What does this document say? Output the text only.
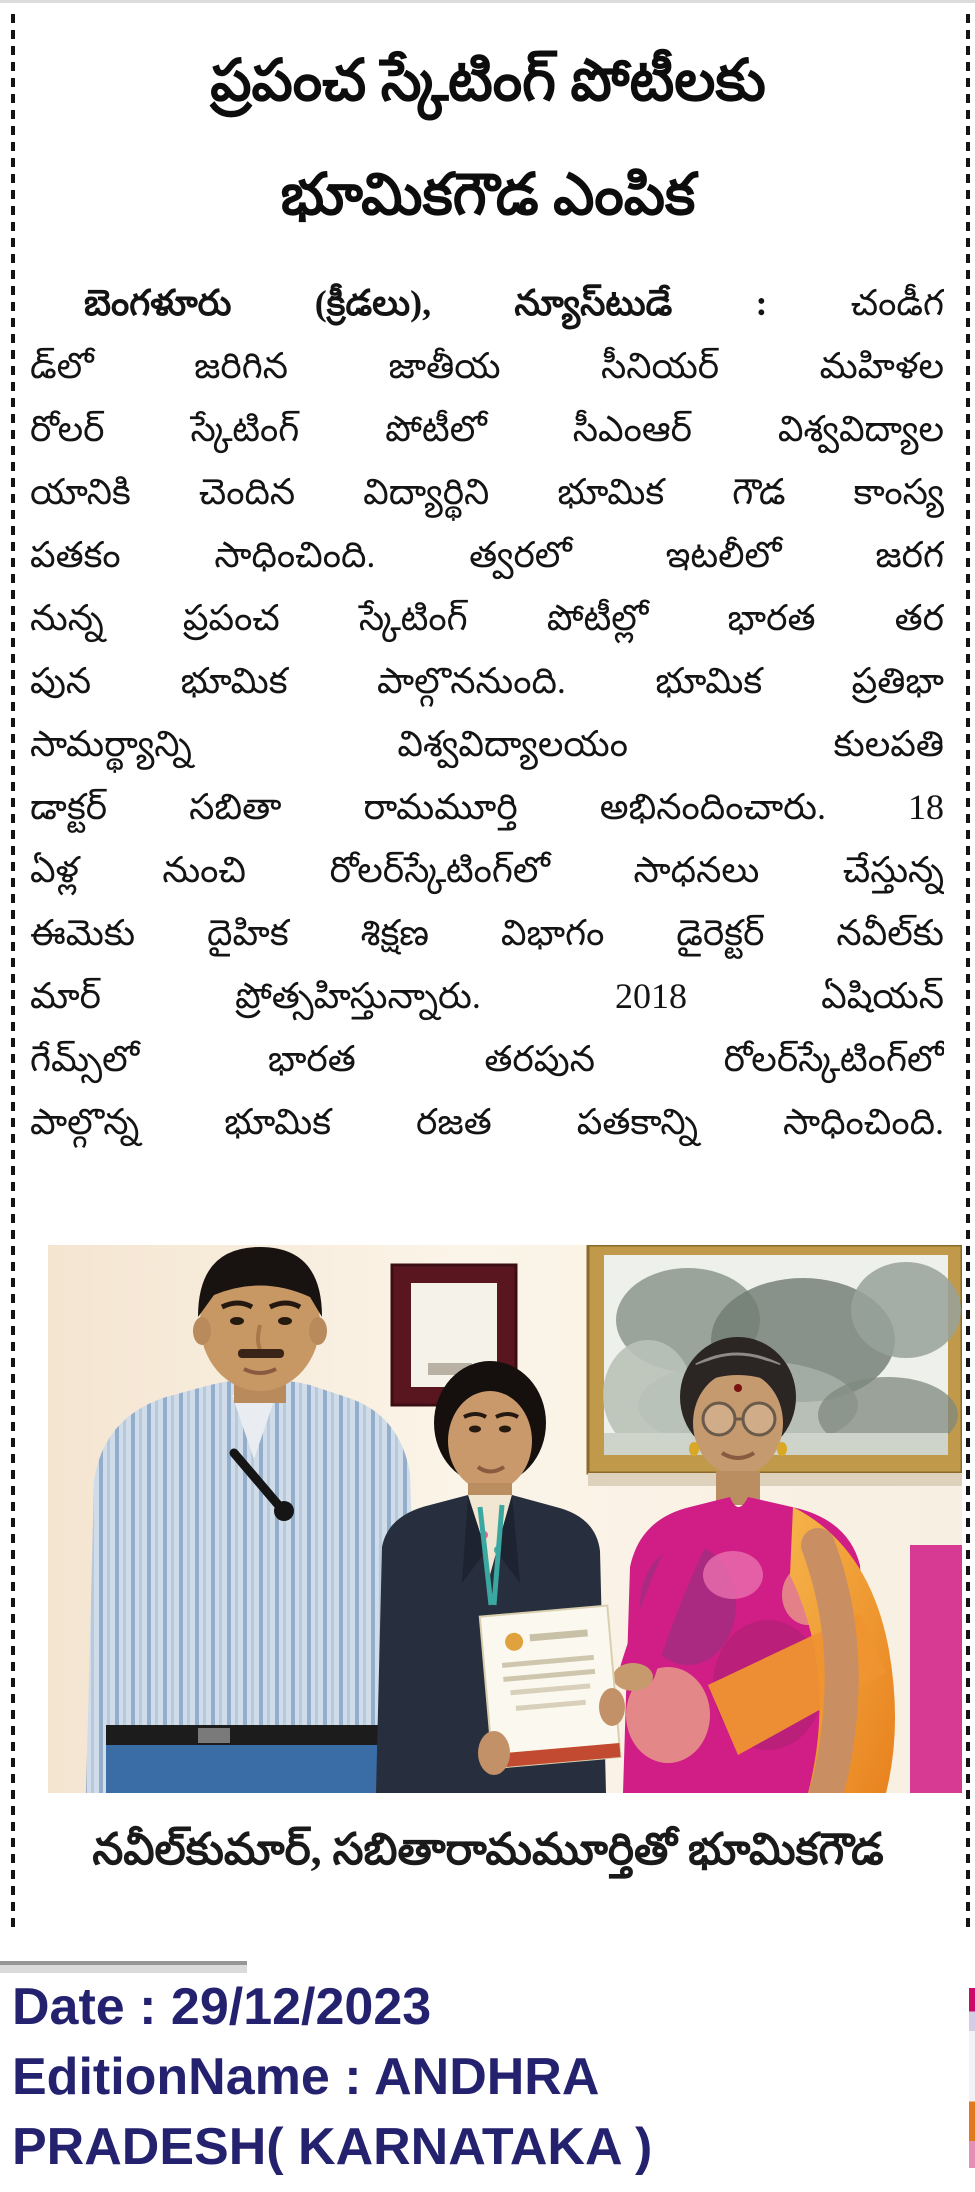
ప్రపంచ స్కేటింగ్ పోటీలకు
భూమికగౌడ ఎంపిక
బెంగళూరు (క్రీడలు), న్యూస్‌టుడే : చండీగ
డ్‌లో జరిగిన జాతీయ సీనియర్ మహిళల
రోలర్ స్కేటింగ్ పోటీలో సీఎంఆర్ విశ్వవిద్యాల
యానికి చెందిన విద్యార్థిని భూమిక గౌడ కాంస్య
పతకం సాధించింది. త్వరలో ఇటలీలో జరగ
నున్న ప్రపంచ స్కేటింగ్ పోటీల్లో భారత తర
పున భూమిక పాల్గొననుంది. భూమిక ప్రతిభా
సామర్థ్యాన్ని విశ్వవిద్యాలయం కులపతి
డాక్టర్ సబితా రామమూర్తి అభినందించారు. 18
ఏళ్ల నుంచి రోలర్‌స్కేటింగ్‌లో సాధనలు చేస్తున్న
ఈమెకు దైహిక శిక్షణ విభాగం డైరెక్టర్ నవీల్‌కు
మార్ ప్రోత్సహిస్తున్నారు. 2018 ఏషియన్
గేమ్స్‌లో భారత తరపున రోలర్‌స్కేటింగ్‌లో
పాల్గొన్న భూమిక రజత పతకాన్ని సాధించింది.
నవీల్‌కుమార్, సబితారామమూర్తితో భూమికగౌడ
Date : 29/12/2023
EditionName : ANDHRA
PRADESH( KARNATAKA )
